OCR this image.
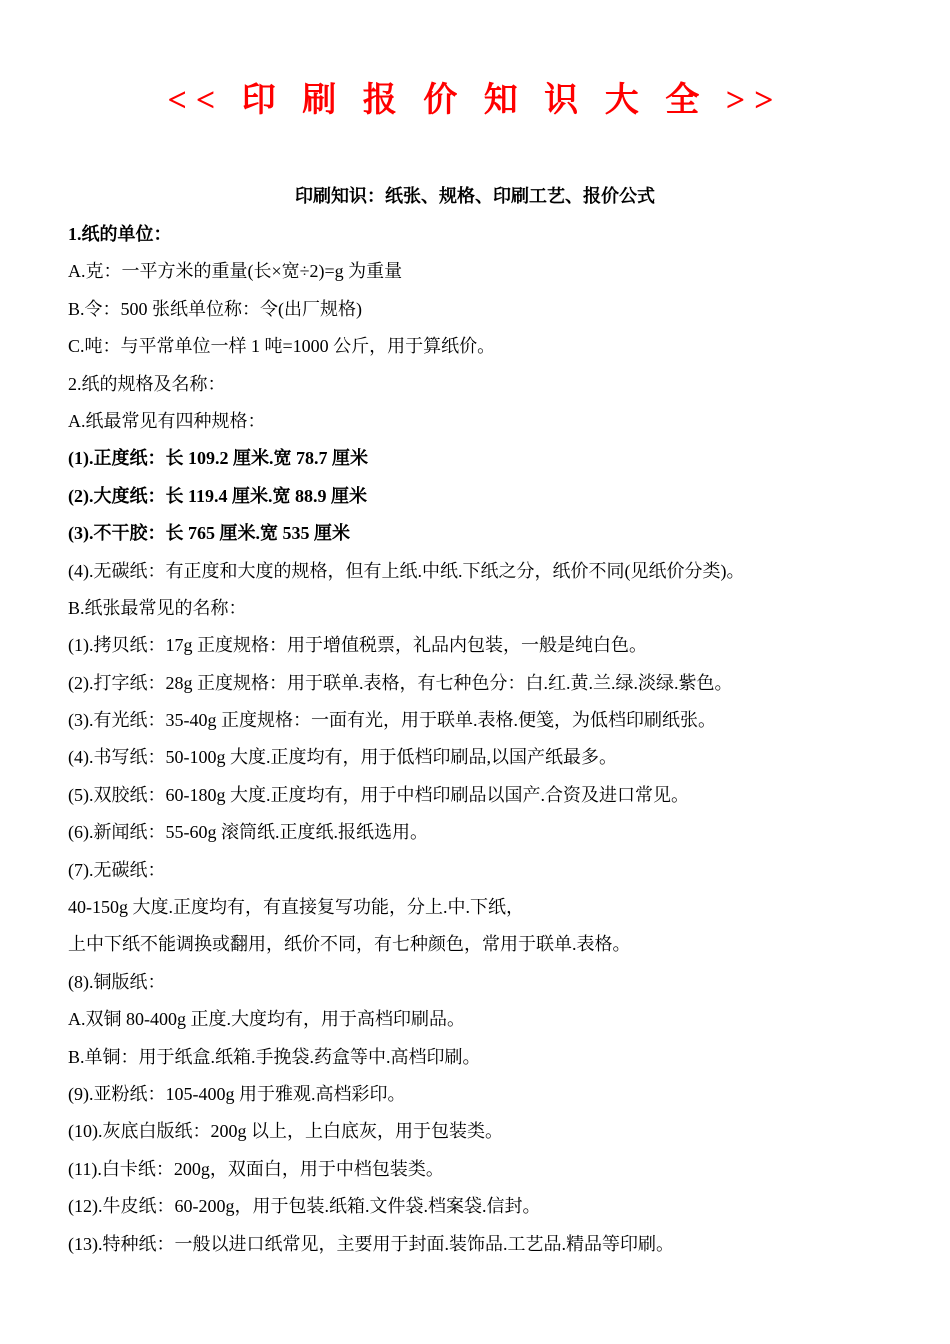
<< 印 刷 报 价 知 识 大 全 >>
印刷知识：纸张、规格、印刷工艺、报价公式
1.纸的单位：
A.克：一平方米的重量(长×宽÷2)=g 为重量
B.令：500 张纸单位称：令(出厂规格)
C.吨：与平常单位一样 1 吨=1000 公斤，用于算纸价。
2.纸的规格及名称：
A.纸最常见有四种规格：
(1).正度纸：长 109.2 厘米.宽 78.7 厘米
(2).大度纸：长 119.4 厘米.宽 88.9 厘米
(3).不干胶：长 765 厘米.宽 535 厘米
(4).无碳纸：有正度和大度的规格，但有上纸.中纸.下纸之分，纸价不同(见纸价分类)。
B.纸张最常见的名称：
(1).拷贝纸：17g 正度规格：用于增值税票，礼品内包装，一般是纯白色。
(2).打字纸：28g 正度规格：用于联单.表格，有七种色分：白.红.黄.兰.绿.淡绿.紫色。
(3).有光纸：35-40g 正度规格：一面有光，用于联单.表格.便笺，为低档印刷纸张。
(4).书写纸：50-100g 大度.正度均有，用于低档印刷品,以国产纸最多。
(5).双胶纸：60-180g 大度.正度均有，用于中档印刷品以国产.合资及进口常见。
(6).新闻纸：55-60g 滚筒纸.正度纸.报纸选用。
(7).无碳纸：
40-150g 大度.正度均有，有直接复写功能，分上.中.下纸，
上中下纸不能调换或翻用，纸价不同，有七种颜色，常用于联单.表格。
(8).铜版纸：
A.双铜 80-400g 正度.大度均有，用于高档印刷品。
B.单铜：用于纸盒.纸箱.手挽袋.药盒等中.高档印刷。
(9).亚粉纸：105-400g 用于雅观.高档彩印。
(10).灰底白版纸：200g 以上，上白底灰，用于包装类。
(11).白卡纸：200g，双面白，用于中档包装类。
(12).牛皮纸：60-200g，用于包装.纸箱.文件袋.档案袋.信封。
(13).特种纸：一般以进口纸常见，主要用于封面.装饰品.工艺品.精品等印刷。
